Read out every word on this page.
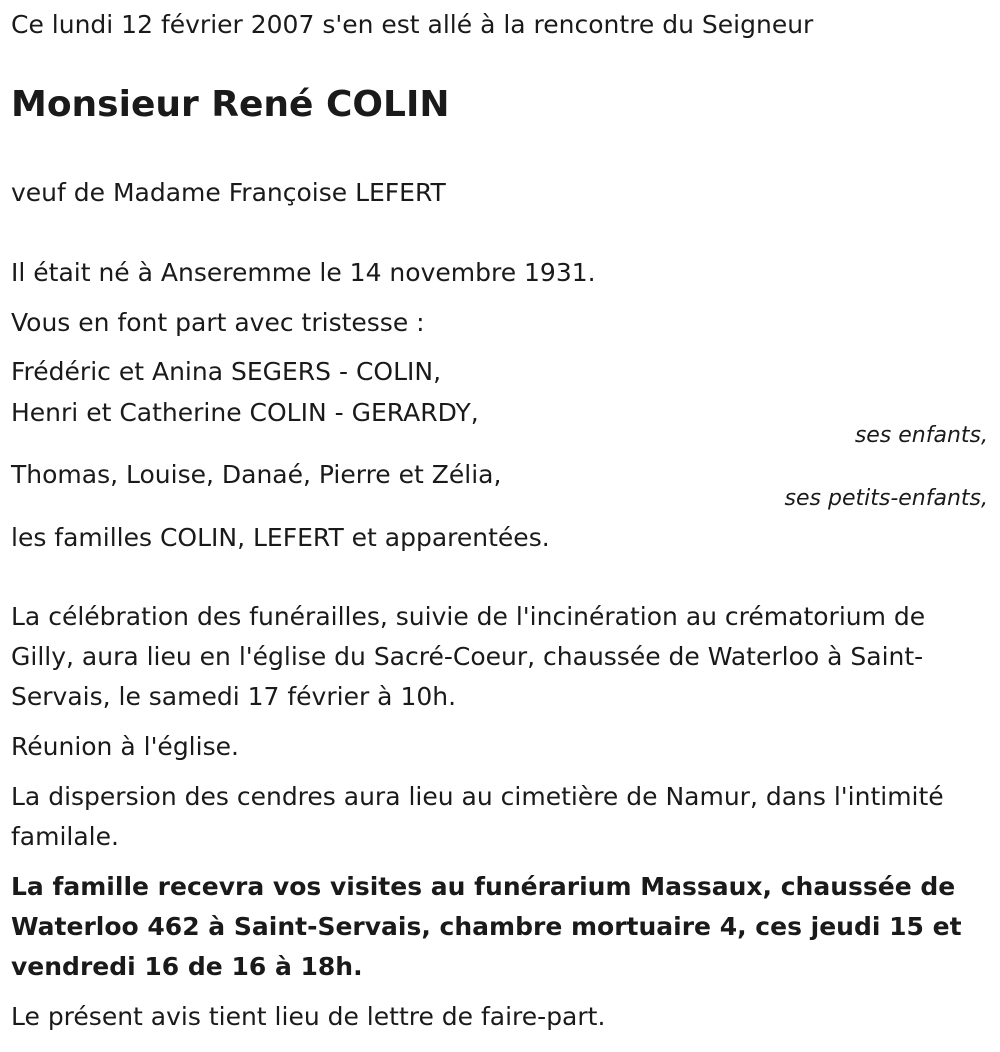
Ce lundi 12 février 2007 s'en est allé à la rencontre du Seigneur

Monsieur René COLIN

veuf de Madame Françoise LEFERT

Il était né à Anseremme le 14 novembre 1931.

Vous en font part avec tristesse :

Frédéric et Anina SEGERS - COLIN,

Henri et Catherine COLIN - GERARDY,

ses enfants,

Thomas, Louise, Danaé, Pierre et Zélia,

ses petits-enfants,

les familles COLIN, LEFERT et apparentées.

La célébration des funérailles, suivie de l'incinération au crématorium de Gilly, aura lieu en l'église du Sacré-Coeur, chaussée de Waterloo à Saint-Servais, le samedi 17 février à 10h.

Réunion à l'église.

La dispersion des cendres aura lieu au cimetière de Namur, dans l'intimité familale.

La famille recevra vos visites au funérarium Massaux, chaussée de Waterloo 462 à Saint-Servais, chambre mortuaire 4, ces jeudi 15 et vendredi 16 de 16 à 18h.

Le présent avis tient lieu de lettre de faire-part.
